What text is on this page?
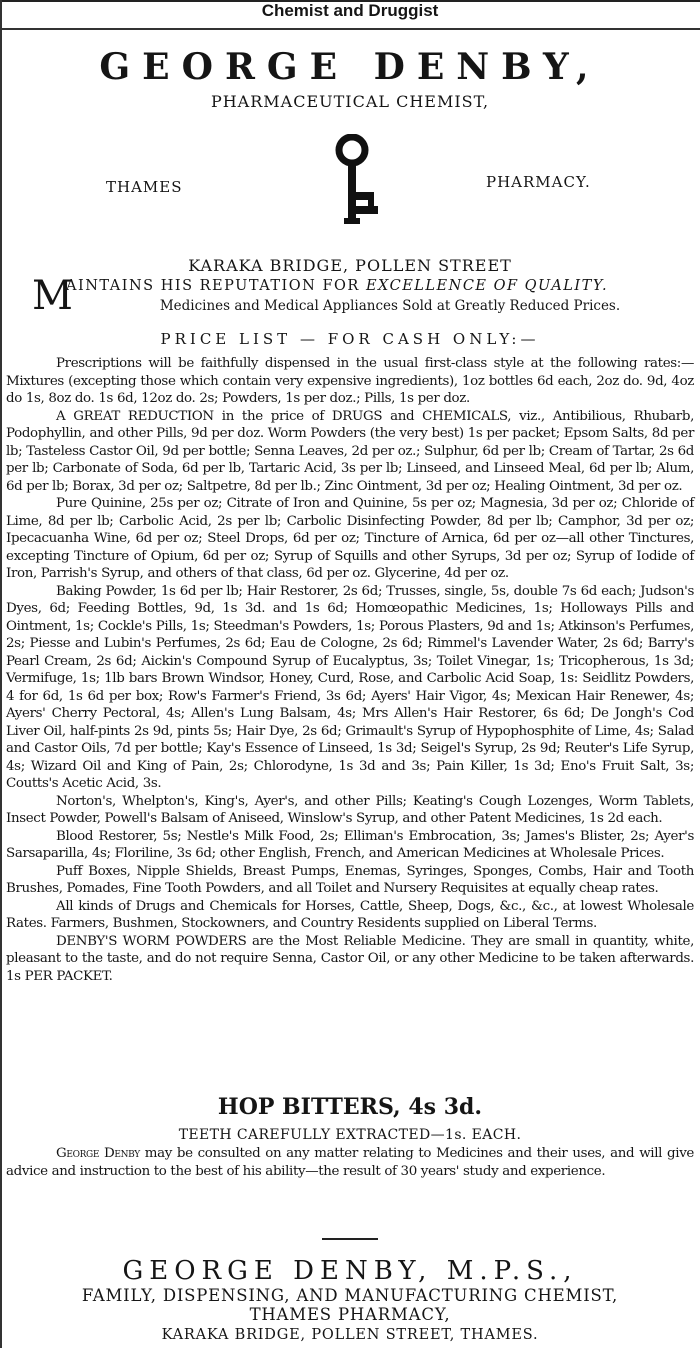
Chemist and Druggist
GEORGE DENBY,
PHARMACEUTICAL CHEMIST,
THAMES	PHARMACY.
KARAKA BRIDGE, POLLEN STREET
M
AINTAINS HIS REPUTATION FOR EXCELLENCE OF QUALITY.
Medicines and Medical Appliances Sold at Greatly Reduced Prices.
PRICE LIST — FOR CASH ONLY:—

Prescriptions will be faithfully dispensed in the usual first-class style at the following rates:—Mixtures (excepting those which contain very expensive ingredients), 1oz bottles 6d each, 2oz do. 9d, 4oz do 1s, 8oz do. 1s 6d, 12oz do. 2s; Powders, 1s per doz.; Pills, 1s per doz.

A GREAT REDUCTION in the price of DRUGS and CHEMICALS, viz., Antibilious, Rhubarb, Podophyllin, and other Pills, 9d per doz. Worm Powders (the very best) 1s per packet; Epsom Salts, 8d per lb; Tasteless Castor Oil, 9d per bottle; Senna Leaves, 2d per oz.; Sulphur, 6d per lb; Cream of Tartar, 2s 6d per lb; Carbonate of Soda, 6d per lb, Tartaric Acid, 3s per lb; Linseed, and Linseed Meal, 6d per lb; Alum, 6d per lb; Borax, 3d per oz; Saltpetre, 8d per lb.; Zinc Ointment, 3d per oz; Healing Ointment, 3d per oz.

Pure Quinine, 25s per oz; Citrate of Iron and Quinine, 5s per oz; Magnesia, 3d per oz; Chloride of Lime, 8d per lb; Carbolic Acid, 2s per lb; Carbolic Disinfecting Powder, 8d per lb; Camphor, 3d per oz; Ipecacuanha Wine, 6d per oz; Steel Drops, 6d per oz; Tincture of Arnica, 6d per oz—all other Tinctures, excepting Tincture of Opium, 6d per oz; Syrup of Squills and other Syrups, 3d per oz; Syrup of Iodide of Iron, Parrish's Syrup, and others of that class, 6d per oz. Glycerine, 4d per oz.

Baking Powder, 1s 6d per lb; Hair Restorer, 2s 6d; Trusses, single, 5s, double 7s 6d each; Judson's Dyes, 6d; Feeding Bottles, 9d, 1s 3d. and 1s 6d; Homœopathic Medicines, 1s; Holloways Pills and Ointment, 1s; Cockle's Pills, 1s; Steedman's Powders, 1s; Porous Plasters, 9d and 1s; Atkinson's Perfumes, 2s; Piesse and Lubin's Perfumes, 2s 6d; Eau de Cologne, 2s 6d; Rimmel's Lavender Water, 2s 6d; Barry's Pearl Cream, 2s 6d; Aickin's Compound Syrup of Eucalyptus, 3s; Toilet Vinegar, 1s; Tricopherous, 1s 3d; Vermifuge, 1s; 1lb bars Brown Windsor, Honey, Curd, Rose, and Carbolic Acid Soap, 1s: Seidlitz Powders, 4 for 6d, 1s 6d per box; Row's Farmer's Friend, 3s 6d; Ayers' Hair Vigor, 4s; Mexican Hair Renewer, 4s; Ayers' Cherry Pectoral, 4s; Allen's Lung Balsam, 4s; Mrs Allen's Hair Restorer, 6s 6d; De Jongh's Cod Liver Oil, half-pints 2s 9d, pints 5s; Hair Dye, 2s 6d; Grimault's Syrup of Hypophosphite of Lime, 4s; Salad and Castor Oils, 7d per bottle; Kay's Essence of Linseed, 1s 3d; Seigel's Syrup, 2s 9d; Reuter's Life Syrup, 4s; Wizard Oil and King of Pain, 2s; Chlorodyne, 1s 3d and 3s; Pain Killer, 1s 3d; Eno's Fruit Salt, 3s; Coutts's Acetic Acid, 3s.

Norton's, Whelpton's, King's, Ayer's, and other Pills; Keating's Cough Lozenges, Worm Tablets, Insect Powder, Powell's Balsam of Aniseed, Winslow's Syrup, and other Patent Medicines, 1s 2d each.

Blood Restorer, 5s; Nestle's Milk Food, 2s; Elliman's Embrocation, 3s; James's Blister, 2s; Ayer's Sarsaparilla, 4s; Floriline, 3s 6d; other English, French, and American Medicines at Wholesale Prices.

Puff Boxes, Nipple Shields, Breast Pumps, Enemas, Syringes, Sponges, Combs, Hair and Tooth Brushes, Pomades, Fine Tooth Powders, and all Toilet and Nursery Requisites at equally cheap rates.

All kinds of Drugs and Chemicals for Horses, Cattle, Sheep, Dogs, &c., &c., at lowest Wholesale Rates. Farmers, Bushmen, Stockowners, and Country Residents supplied on Liberal Terms.

DENBY'S WORM POWDERS are the Most Reliable Medicine. They are small in quantity, white, pleasant to the taste, and do not require Senna, Castor Oil, or any other Medicine to be taken afterwards. 1s PER PACKET.

HOP BITTERS, 4s 3d.
TEETH CAREFULLY EXTRACTED—1s. EACH.

George Denby may be consulted on any matter relating to Medicines and their uses, and will give advice and instruction to the best of his ability—the result of 30 years' study and experience.

GEORGE DENBY, M.P.S.,
FAMILY, DISPENSING, AND MANUFACTURING CHEMIST,
THAMES PHARMACY,
KARAKA BRIDGE, POLLEN STREET, THAMES.
